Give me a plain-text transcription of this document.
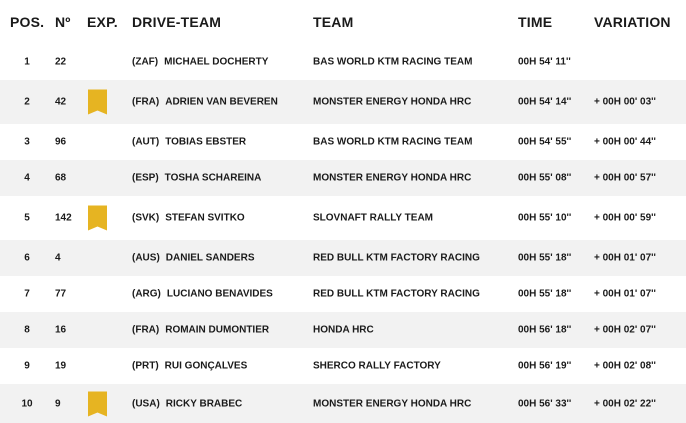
POS. Nº EXP. DRIVE-TEAM	TEAM	TIME	VARIATION
1	22	(ZAF) MICHAEL DOCHERTY	BAS WORLD KTM RACING TEAM	00H 54' 11''
2	42	(FRA) ADRIEN VAN BEVEREN	MONSTER ENERGY HONDA HRC	00H 54' 14'' + 00H 00' 03''
3	96	(AUT) TOBIAS EBSTER	BAS WORLD KTM RACING TEAM	00H 54' 55'' + 00H 00' 44''
4	68	(ESP) TOSHA SCHAREINA	MONSTER ENERGY HONDA HRC	00H 55' 08'' + 00H 00' 57''
5	142	(SVK) STEFAN SVITKO	SLOVNAFT RALLY TEAM	00H 55' 10'' + 00H 00' 59''
6	4	(AUS) DANIEL SANDERS	RED BULL KTM FACTORY RACING	00H 55' 18'' + 00H 01' 07''
7	77	(ARG) LUCIANO BENAVIDES	RED BULL KTM FACTORY RACING	00H 55' 18'' + 00H 01' 07''
8	16	(FRA) ROMAIN DUMONTIER	HONDA HRC	00H 56' 18'' + 00H 02' 07''
9	19	(PRT) RUI GONÇALVES	SHERCO RALLY FACTORY	00H 56' 19'' + 00H 02' 08''
10	9	(USA) RICKY BRABEC	MONSTER ENERGY HONDA HRC	00H 56' 33'' + 00H 02' 22''
